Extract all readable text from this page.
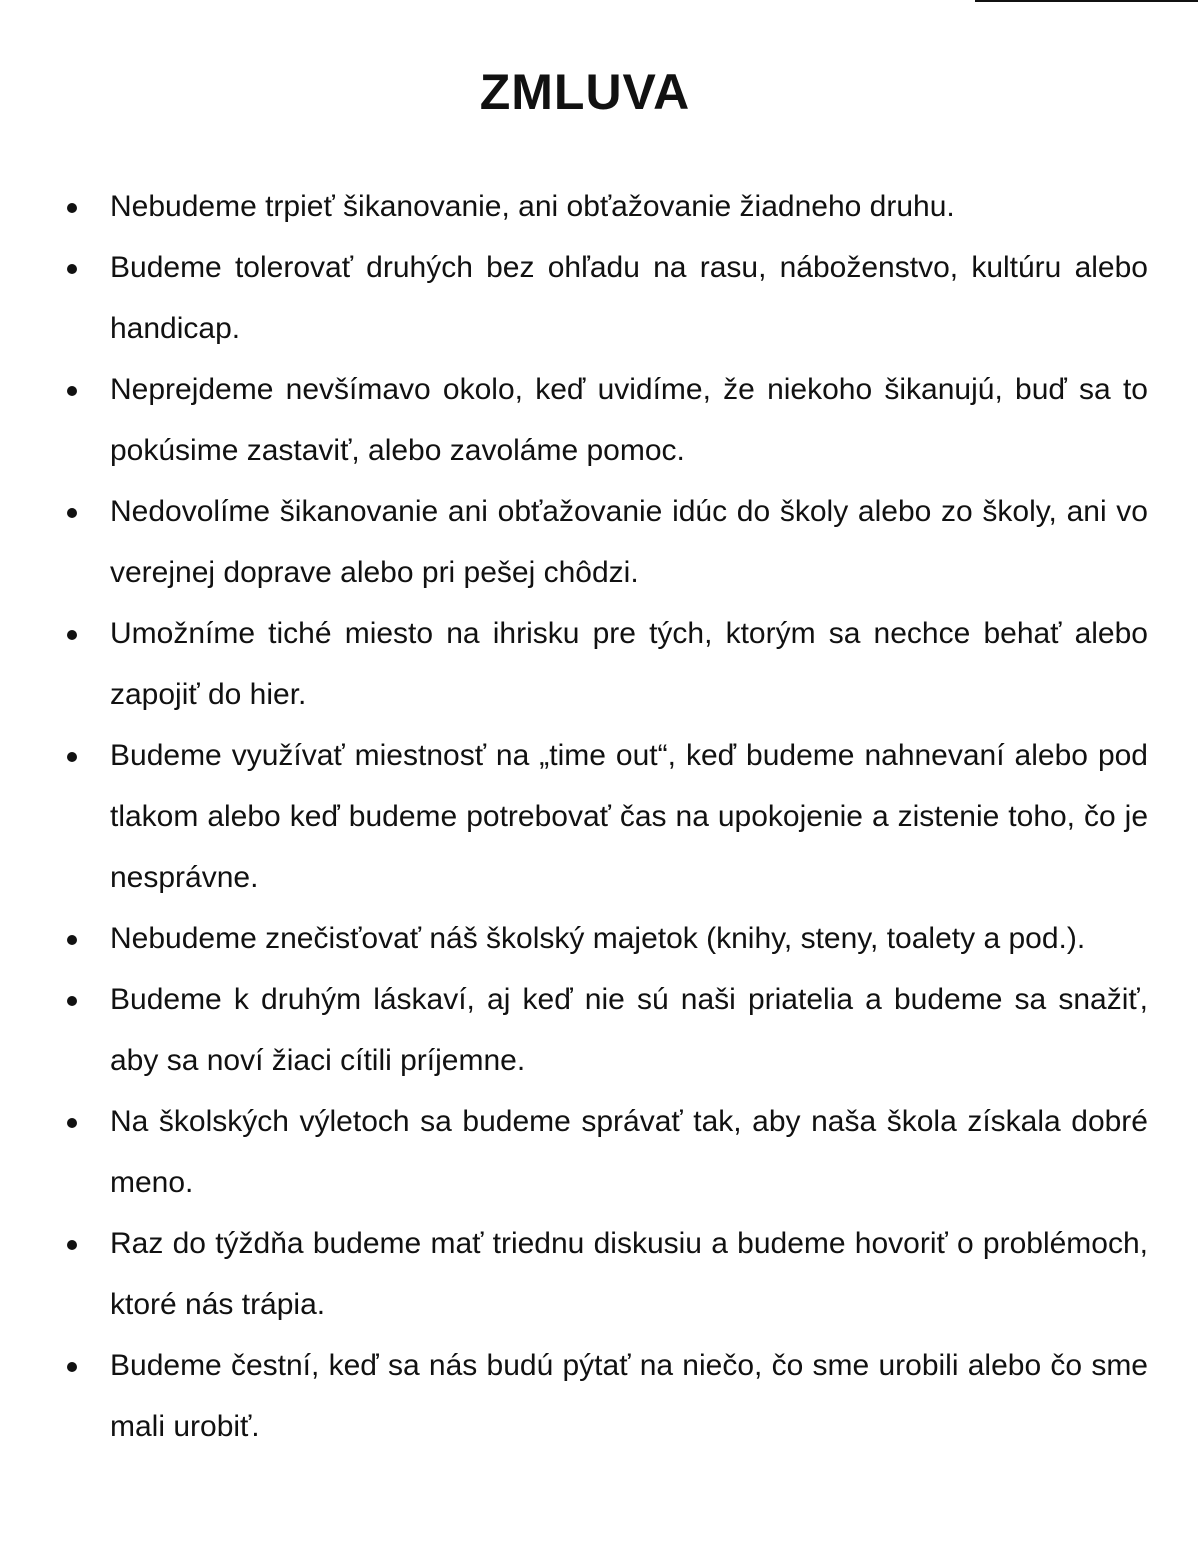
ZMLUVA
Nebudeme trpieť šikanovanie, ani obťažovanie žiadneho druhu.
Budeme tolerovať druhých bez ohľadu na rasu, náboženstvo, kultúru alebo handicap.
Neprejdeme nevšímavo okolo, keď uvidíme, že niekoho šikanujú, buď sa to pokúsime zastaviť, alebo zavoláme pomoc.
Nedovolíme šikanovanie ani obťažovanie idúc do školy alebo zo školy, ani vo verejnej doprave alebo pri pešej chôdzi.
Umožníme tiché miesto na ihrisku pre tých, ktorým sa nechce behať alebo zapojiť do hier.
Budeme využívať miestnosť na „time out“, keď budeme nahnevaní alebo pod tlakom alebo keď budeme potrebovať čas na upokojenie a zistenie toho, čo je nesprávne.
Nebudeme znečisťovať náš školský majetok (knihy, steny, toalety a pod.).
Budeme k druhým láskaví, aj keď nie sú naši priatelia a budeme sa snažiť, aby sa noví žiaci cítili príjemne.
Na školských výletoch sa budeme správať tak, aby naša škola získala dobré meno.
Raz do týždňa budeme mať triednu diskusiu a budeme hovoriť o problémoch, ktoré nás trápia.
Budeme čestní, keď sa nás budú pýtať na niečo, čo sme urobili alebo čo sme mali urobiť.
